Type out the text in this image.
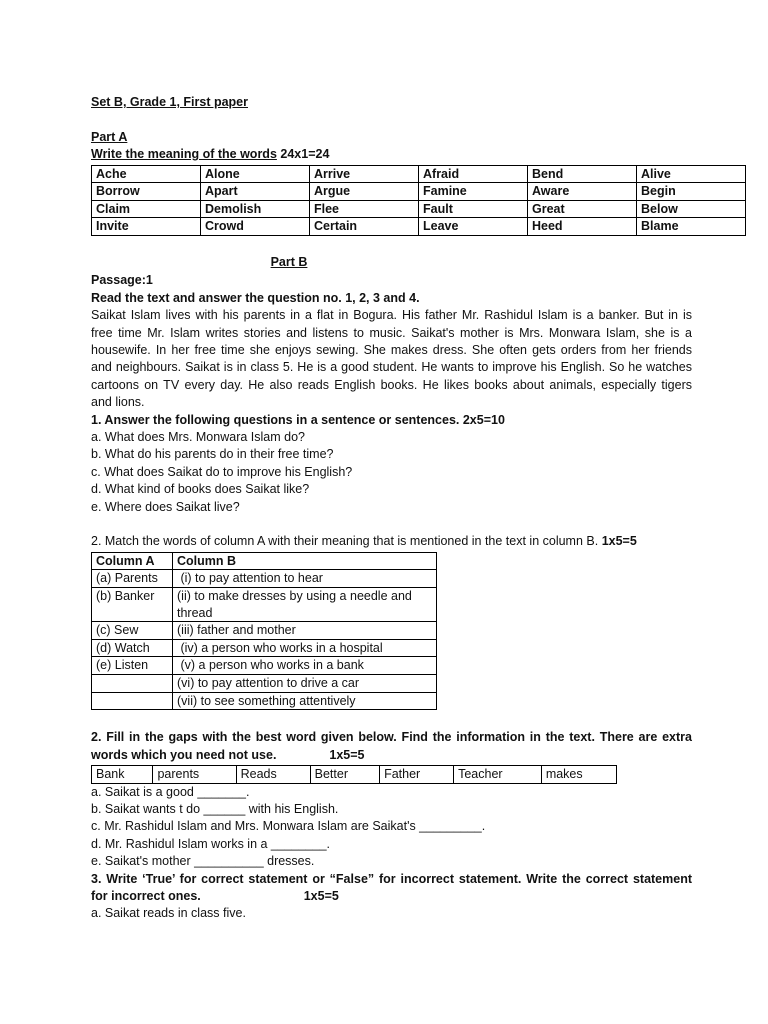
Set B, Grade 1, First paper
Part A
Write the meaning of the words 24x1=24
Ache	Alone	Arrive	Afraid	Bend	Alive
Borrow	Apart	Argue	Famine	Aware	Begin
Claim	Demolish	Flee	Fault	Great	Below
Invite	Crowd	Certain	Leave	Heed	Blame
Part B
Passage:1
Read the text and answer the question no. 1, 2, 3 and 4.
Saikat Islam lives with his parents in a flat in Bogura. His father Mr. Rashidul Islam is a banker. But in is
free time Mr. Islam writes stories and listens to music. Saikat's mother is Mrs. Monwara Islam, she is a
housewife. In her free time she enjoys sewing. She makes dress. She often gets orders from her friends
and neighbours. Saikat is in class 5. He is a good student. He wants to improve his English. So he watches
cartoons on TV every day. He also reads English books. He likes books about animals, especially tigers
and lions.
1. Answer the following questions in a sentence or sentences. 2x5=10
a. What does Mrs. Monwara Islam do?
b. What do his parents do in their free time?
c. What does Saikat do to improve his English?
d. What kind of books does Saikat like?
e. Where does Saikat live?
2. Match the words of column A with their meaning that is mentioned in the text in column B. 1x5=5
Column A	Column B
(a) Parents	(i) to pay attention to hear
(b) Banker	(ii) to make dresses by using a needle and thread
(c) Sew	(iii) father and mother
(d) Watch	(iv) a person who works in a hospital
(e) Listen	(v) a person who works in a bank
	(vi) to pay attention to drive a car
	(vii) to see something attentively
2. Fill in the gaps with the best word given below. Find the information in the text. There are extra
words which you need not use.	1x5=5
Bank	parents	Reads	Better	Father	Teacher	makes
a. Saikat is a good _______.
b. Saikat wants t do ______ with his English.
c. Mr. Rashidul Islam and Mrs. Monwara Islam are Saikat's _________.
d. Mr. Rashidul Islam works in a ________.
e. Saikat's mother __________ dresses.
3. Write ‘True’ for correct statement or “False” for incorrect statement. Write the correct statement
for incorrect ones.	1x5=5
a. Saikat reads in class five.
